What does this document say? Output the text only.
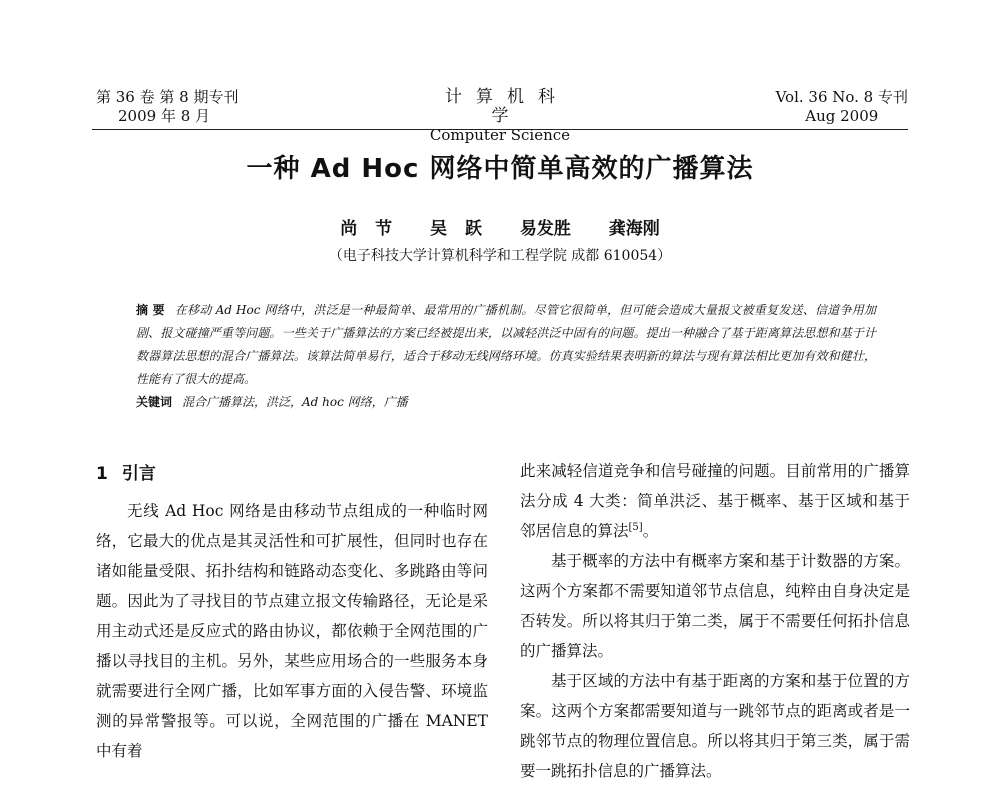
第 36 卷 第 8 期专刊
2009 年 8 月
计算机科学
Computer Science
Vol. 36 No. 8 专刊
Aug 2009
一种 Ad Hoc 网络中简单高效的广播算法
尚 节 吴 跃 易发胜 龚海刚
（电子科技大学计算机科学和工程学院 成都 610054）
摘 要 在移动 Ad Hoc 网络中，洪泛是一种最简单、最常用的广播机制。尽管它很简单，但可能会造成大量报文被重复发送、信道争用加剧、报文碰撞严重等问题。一些关于广播算法的方案已经被提出来，以减轻洪泛中固有的问题。提出一种融合了基于距离算法思想和基于计数器算法思想的混合广播算法。该算法简单易行，适合于移动无线网络环境。仿真实验结果表明新的算法与现有算法相比更加有效和健壮，性能有了很大的提高。
关键词 混合广播算法，洪泛，Ad hoc 网络，广播
1 引言

无线 Ad Hoc 网络是由移动节点组成的一种临时网络，它最大的优点是其灵活性和可扩展性，但同时也存在诸如能量受限、拓扑结构和链路动态变化、多跳路由等问题。因此为了寻找目的节点建立报文传输路径，无论是采用主动式还是反应式的路由协议，都依赖于全网范围的广播以寻找目的主机。另外，某些应用场合的一些服务本身就需要进行全网广播，比如军事方面的入侵告警、环境监测的异常警报等。可以说，全网范围的广播在 MANET 中有着

此来减轻信道竞争和信号碰撞的问题。目前常用的广播算法分成 4 大类：简单洪泛、基于概率、基于区域和基于邻居信息的算法[5]。

基于概率的方法中有概率方案和基于计数器的方案。这两个方案都不需要知道邻节点信息，纯粹由自身决定是否转发。所以将其归于第二类，属于不需要任何拓扑信息的广播算法。

基于区域的方法中有基于距离的方案和基于位置的方案。这两个方案都需要知道与一跳邻节点的距离或者是一跳邻节点的物理位置信息。所以将其归于第三类，属于需要一跳拓扑信息的广播算法。
